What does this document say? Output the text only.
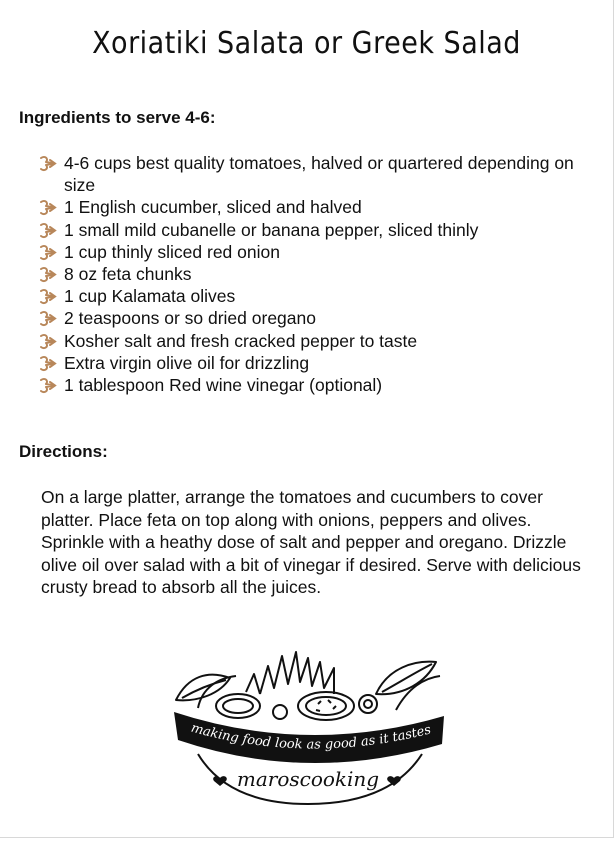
Xoriatiki Salata or Greek Salad
Ingredients to serve 4-6:
4-6 cups best quality tomatoes, halved or quartered depending on size
1 English cucumber, sliced and halved
1 small mild cubanelle or banana pepper, sliced thinly
1 cup thinly sliced red onion
8 oz feta chunks
1 cup Kalamata olives
2 teaspoons or so dried oregano
Kosher salt and fresh cracked pepper to taste
Extra virgin olive oil for drizzling
1 tablespoon Red wine vinegar (optional)
Directions:

On a large platter, arrange the tomatoes and cucumbers to cover platter. Place feta on top along with onions, peppers and olives. Sprinkle with a heathy dose of salt and pepper and oregano. Drizzle olive oil over salad with a bit of vinegar if desired. Serve with delicious crusty bread to absorb all the juices.

making food look as good as it tastes
maroscooking
